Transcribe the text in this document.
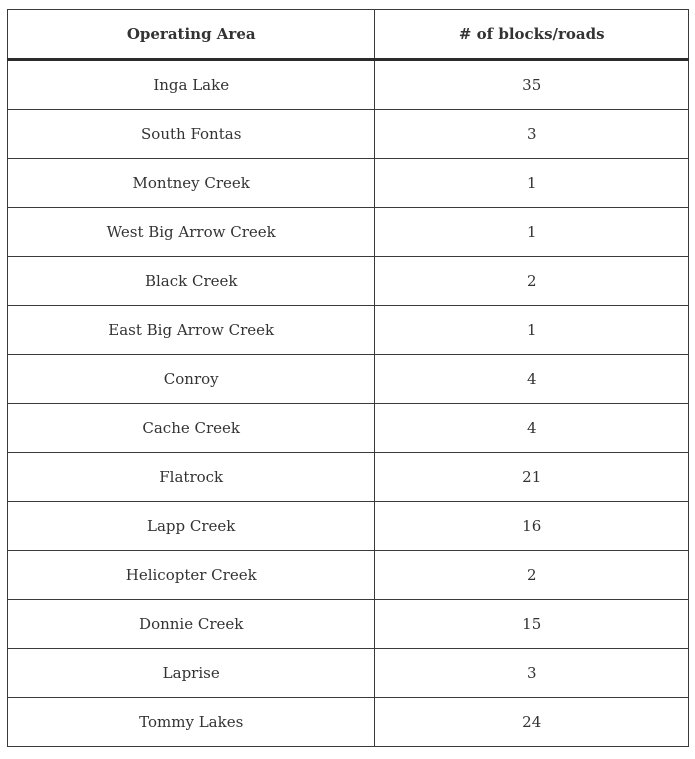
Operating Area	# of blocks/roads
Inga Lake	35
South Fontas	3
Montney Creek	1
West Big Arrow Creek	1
Black Creek	2
East Big Arrow Creek	1
Conroy	4
Cache Creek	4
Flatrock	21
Lapp Creek	16
Helicopter Creek	2
Donnie Creek	15
Laprise	3
Tommy Lakes	24
